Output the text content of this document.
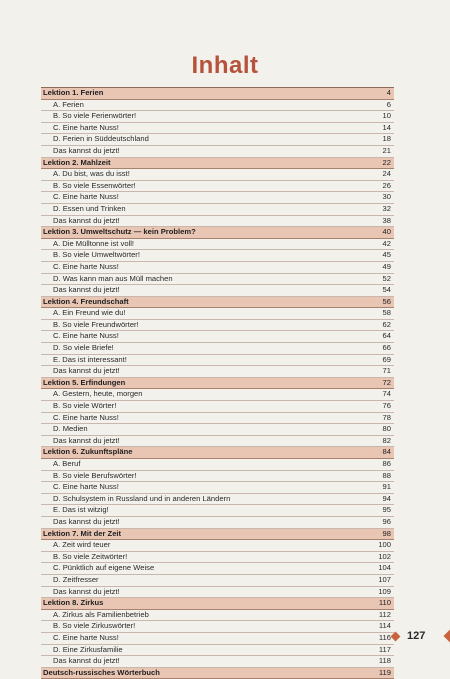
Inhalt
Lektion 1. Ferien	4
A. Ferien	6
B. So viele Ferienwörter!	10
C. Eine harte Nuss!	14
D. Ferien in Süddeutschland	18
Das kannst du jetzt!	21
Lektion 2. Mahlzeit	22
A. Du bist, was du isst!	24
B. So viele Essenwörter!	26
C. Eine harte Nuss!	30
D. Essen und Trinken	32
Das kannst du jetzt!	38
Lektion 3. Umweltschutz — kein Problem?	40
A. Die Mülltonne ist voll!	42
B. So viele Umweltwörter!	45
C. Eine harte Nuss!	49
D. Was kann man aus Müll machen	52
Das kannst du jetzt!	54
Lektion 4. Freundschaft	56
A. Ein Freund wie du!	58
B. So viele Freundwörter!	62
C. Eine harte Nuss!	64
D. So viele Briefe!	66
E. Das ist interessant!	69
Das kannst du jetzt!	71
Lektion 5. Erfindungen	72
A. Gestern, heute, morgen	74
B. So viele Wörter!	76
C. Eine harte Nuss!	78
D. Medien	80
Das kannst du jetzt!	82
Lektion 6. Zukunftspläne	84
A. Beruf	86
B. So viele Berufswörter!	88
C. Eine harte Nuss!	91
D. Schulsystem in Russland und in anderen Ländern	94
E. Das ist witzig!	95
Das kannst du jetzt!	96
Lektion 7. Mit der Zeit	98
A. Zeit wird teuer	100
B. So viele Zeitwörter!	102
C. Pünktlich auf eigene Weise	104
D. Zeitfresser	107
Das kannst du jetzt!	109
Lektion 8. Zirkus	110
A. Zirkus als Familienbetrieb	112
B. So viele Zirkuswörter!	114
C. Eine harte Nuss!	116
D. Eine Zirkusfamilie	117
Das kannst du jetzt!	118
Deutsch-russisches Wörterbuch	119
127
